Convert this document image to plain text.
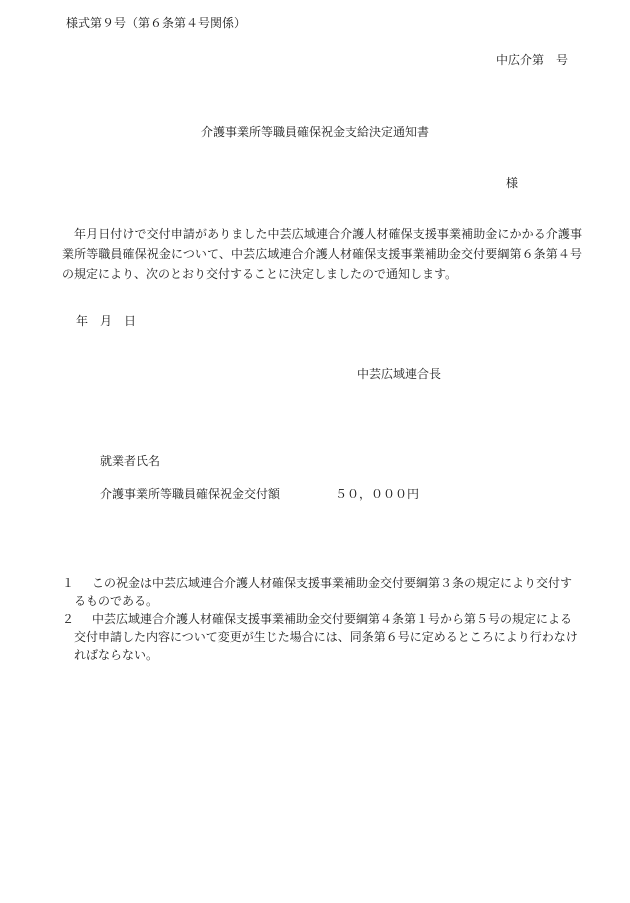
様式第９号（第６条第４号関係）
中広介第　号
介護事業所等職員確保祝金支給決定通知書
様
年月日付けで交付申請がありました中芸広域連合介護人材確保支援事業補助金にかかる介護事業所等職員確保祝金について、中芸広域連合介護人材確保支援事業補助金交付要綱第６条第４号の規定により、次のとおり交付することに決定しましたので通知します。
年　月　日
中芸広域連合長
就業者氏名
介護事業所等職員確保祝金交付額	５０，０００円
１	この祝金は中芸広域連合介護人材確保支援事業補助金交付要綱第３条の規定により交付するものである。
２	中芸広域連合介護人材確保支援事業補助金交付要綱第４条第１号から第５号の規定による交付申請した内容について変更が生じた場合には、同条第６号に定めるところにより行わなければならない。
